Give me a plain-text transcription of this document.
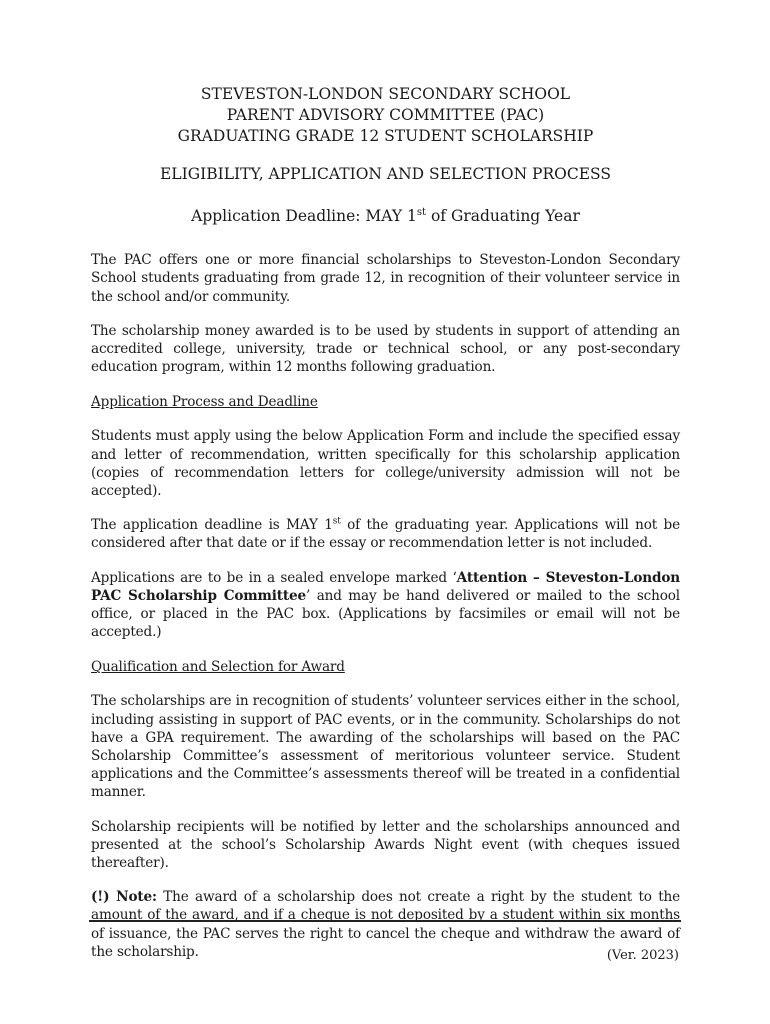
STEVESTON-LONDON SECONDARY SCHOOL

PARENT ADVISORY COMMITTEE (PAC)

GRADUATING GRADE 12 STUDENT SCHOLARSHIP

ELIGIBILITY, APPLICATION AND SELECTION PROCESS

Application Deadline: MAY 1st of Graduating Year

The PAC offers one or more financial scholarships to Steveston-London Secondary School students graduating from grade 12, in recognition of their volunteer service in the school and/or community.

The scholarship money awarded is to be used by students in support of attending an accredited college, university, trade or technical school, or any post-secondary education program, within 12 months following graduation.

Application Process and Deadline

Students must apply using the below Application Form and include the specified essay and letter of recommendation, written specifically for this scholarship application (copies of recommendation letters for college/university admission will not be accepted).

The application deadline is MAY 1st of the graduating year. Applications will not be considered after that date or if the essay or recommendation letter is not included.

Applications are to be in a sealed envelope marked ‘Attention – Steveston-London PAC Scholarship Committee’ and may be hand delivered or mailed to the school office, or placed in the PAC box. (Applications by facsimiles or email will not be accepted.)

Qualification and Selection for Award

The scholarships are in recognition of students’ volunteer services either in the school, including assisting in support of PAC events, or in the community. Scholarships do not have a GPA requirement. The awarding of the scholarships will based on the PAC Scholarship Committee’s assessment of meritorious volunteer service. Student applications and the Committee’s assessments thereof will be treated in a confidential manner.

Scholarship recipients will be notified by letter and the scholarships announced and presented at the school’s Scholarship Awards Night event (with cheques issued thereafter).

(!) Note: The award of a scholarship does not create a right by the student to the amount of the award, and if a cheque is not deposited by a student within six months of issuance, the PAC serves the right to cancel the cheque and withdraw the award of the scholarship.	(Ver. 2023)
